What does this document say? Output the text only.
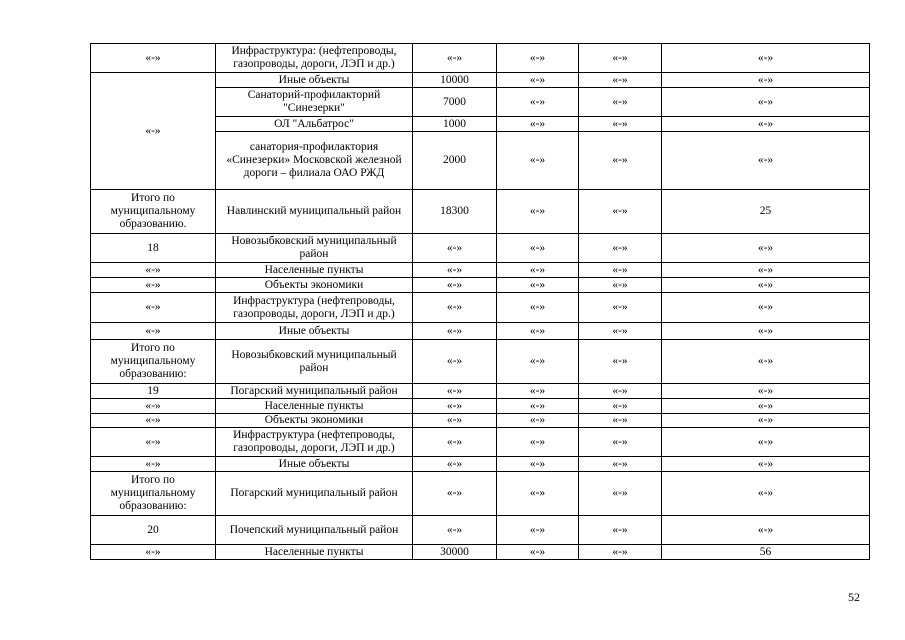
«-»	Инфраструктура: (нефтепроводы, газопроводы, дороги, ЛЭП и др.)	«-»	«-»	«-»	«-»
«-»	Иные объекты	10000	«-»	«-»	«-»
	Санаторий-профилакторий "Синезерки"	7000	«-»	«-»	«-»
	ОЛ "Альбатрос"	1000	«-»	«-»	«-»
	санатория-профилактория «Синезерки» Московской железной дороги – филиала ОАО РЖД	2000	«-»	«-»	«-»
Итого по муниципальному образованию.	Навлинский муниципальный район	18300	«-»	«-»	25
18	Новозыбковский муниципальный район	«-»	«-»	«-»	«-»
«-»	Населенные пункты	«-»	«-»	«-»	«-»
«-»	Объекты экономики	«-»	«-»	«-»	«-»
«-»	Инфраструктура (нефтепроводы, газопроводы, дороги, ЛЭП и др.)	«-»	«-»	«-»	«-»
«-»	Иные объекты	«-»	«-»	«-»	«-»
Итого по муниципальному образованию:	Новозыбковский муниципальный район	«-»	«-»	«-»	«-»
19	Погарский муниципальный район	«-»	«-»	«-»	«-»
«-»	Населенные пункты	«-»	«-»	«-»	«-»
«-»	Объекты экономики	«-»	«-»	«-»	«-»
«-»	Инфраструктура (нефтепроводы, газопроводы, дороги, ЛЭП и др.)	«-»	«-»	«-»	«-»
«-»	Иные объекты	«-»	«-»	«-»	«-»
Итого по муниципальному образованию:	Погарский муниципальный район	«-»	«-»	«-»	«-»
20	Почепский муниципальный район	«-»	«-»	«-»	«-»
«-»	Населенные пункты	30000	«-»	«-»	56
52
